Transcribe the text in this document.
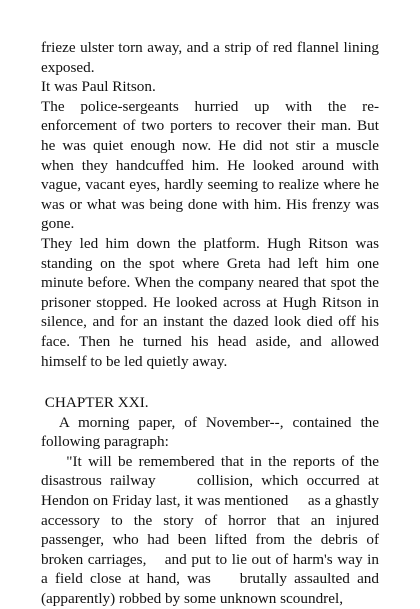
frieze ulster torn away, and a strip of red flannel lining exposed.

It was Paul Ritson.

The police-sergeants hurried up with the re-enforcement of two porters to recover their man. But he was quiet enough now. He did not stir a muscle when they handcuffed him. He looked around with vague, vacant eyes, hardly seeming to realize where he was or what was being done with him. His frenzy was gone.

They led him down the platform. Hugh Ritson was standing on the spot where Greta had left him one minute before. When the company neared that spot the prisoner stopped. He looked across at Hugh Ritson in silence, and for an instant the dazed look died off his face. Then he turned his head aside, and allowed himself to be led quietly away.

CHAPTER XXI.

A morning paper, of November--, contained the following paragraph:

"It will be remembered that in the reports of the disastrous railway     collision, which occurred at Hendon on Friday last, it was mentioned     as a ghastly accessory to the story of horror that an injured passenger, who had been lifted from the debris of broken carriages,    and put to lie out of harm's way in a field close at hand, was    brutally assaulted and (apparently) robbed by some unknown scoundrel,
